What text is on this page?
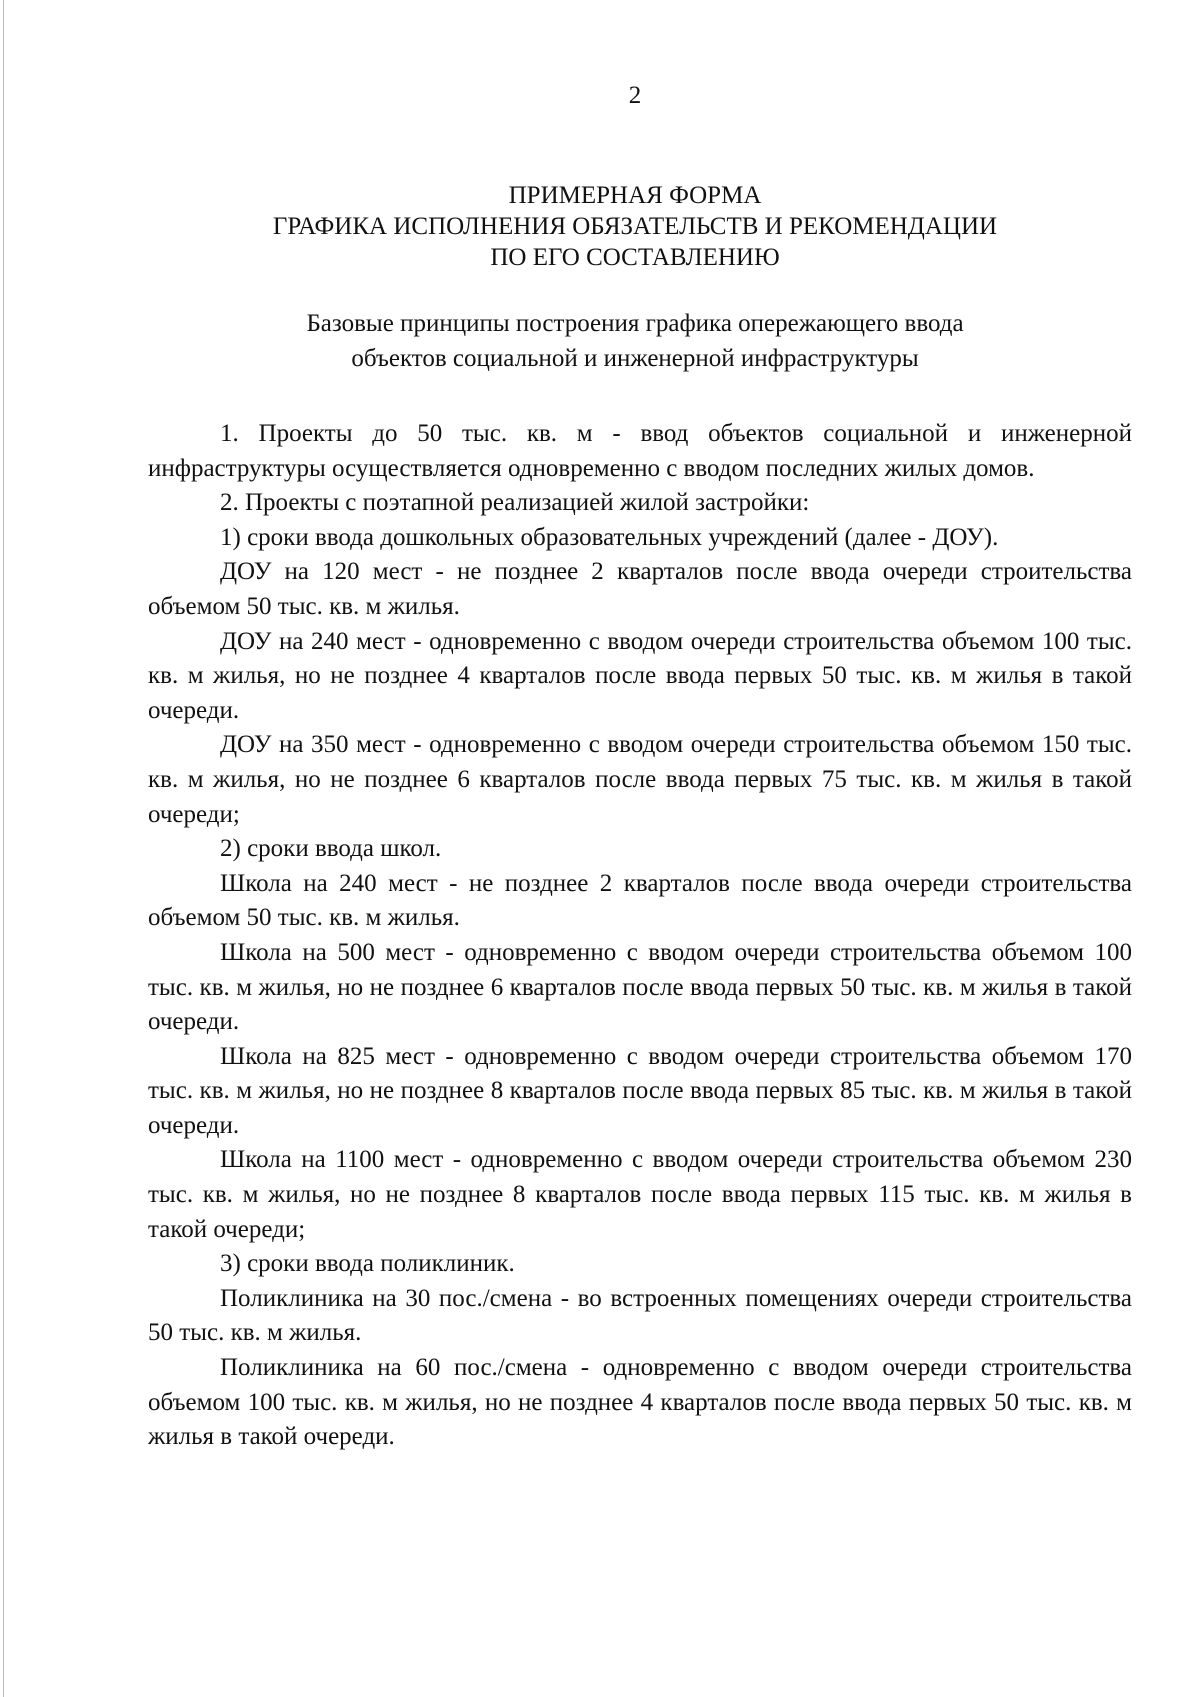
2
ПРИМЕРНАЯ ФОРМА
ГРАФИКА ИСПОЛНЕНИЯ ОБЯЗАТЕЛЬСТВ И РЕКОМЕНДАЦИИ
ПО ЕГО СОСТАВЛЕНИЮ
Базовые принципы построения графика опережающего ввода
объектов социальной и инженерной инфраструктуры

1. Проекты до 50 тыс. кв. м - ввод объектов социальной и инженерной инфраструктуры осуществляется одновременно с вводом последних жилых домов.

2. Проекты с поэтапной реализацией жилой застройки:

1) сроки ввода дошкольных образовательных учреждений (далее - ДОУ).

ДОУ на 120 мест - не позднее 2 кварталов после ввода очереди строительства объемом 50 тыс. кв. м жилья.

ДОУ на 240 мест - одновременно с вводом очереди строительства объемом 100 тыс. кв. м жилья, но не позднее 4 кварталов после ввода первых 50 тыс. кв. м жилья в такой очереди.

ДОУ на 350 мест - одновременно с вводом очереди строительства объемом 150 тыс. кв. м жилья, но не позднее 6 кварталов после ввода первых 75 тыс. кв. м жилья в такой очереди;

2) сроки ввода школ.

Школа на 240 мест - не позднее 2 кварталов после ввода очереди строительства объемом 50 тыс. кв. м жилья.

Школа на 500 мест - одновременно с вводом очереди строительства объемом 100 тыс. кв. м жилья, но не позднее 6 кварталов после ввода первых 50 тыс. кв. м жилья в такой очереди.

Школа на 825 мест - одновременно с вводом очереди строительства объемом 170 тыс. кв. м жилья, но не позднее 8 кварталов после ввода первых 85 тыс. кв. м жилья в такой очереди.

Школа на 1100 мест - одновременно с вводом очереди строительства объемом 230 тыс. кв. м жилья, но не позднее 8 кварталов после ввода первых 115 тыс. кв. м жилья в такой очереди;

3) сроки ввода поликлиник.

Поликлиника на 30 пос./смена - во встроенных помещениях очереди строительства 50 тыс. кв. м жилья.

Поликлиника на 60 пос./смена - одновременно с вводом очереди строительства объемом 100 тыс. кв. м жилья, но не позднее 4 кварталов после ввода первых 50 тыс. кв. м жилья в такой очереди.
